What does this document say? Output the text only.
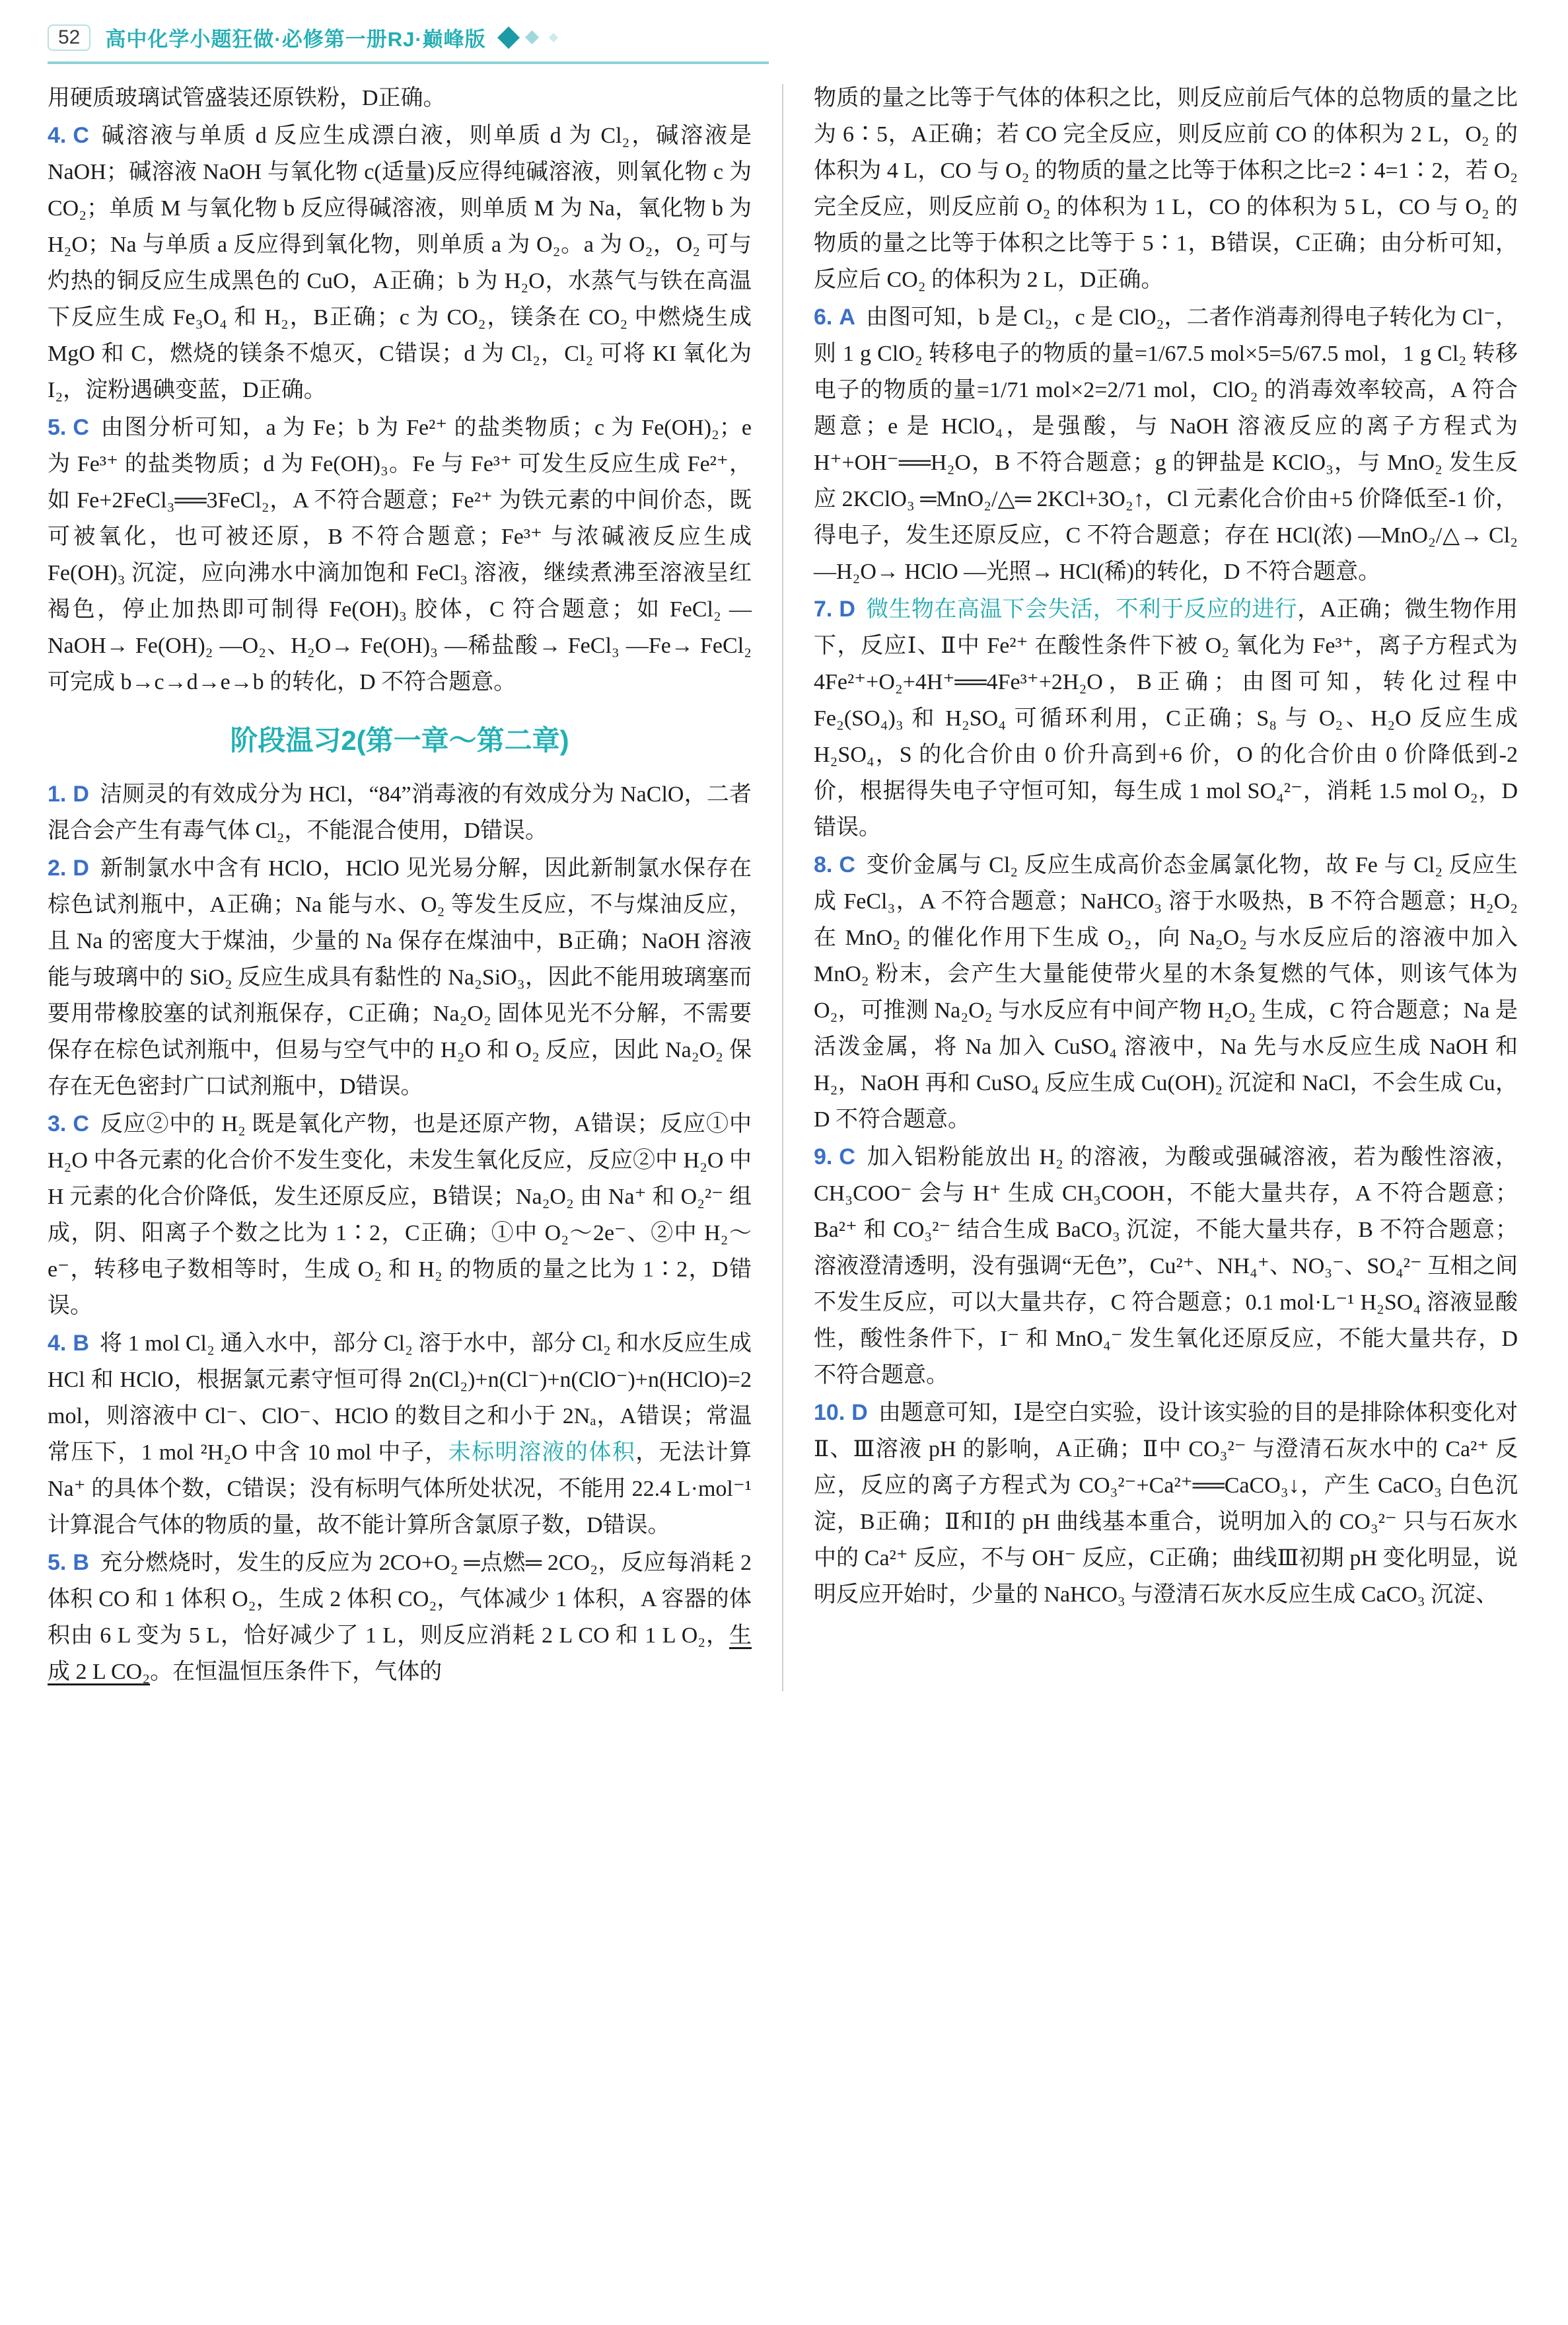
52	高中化学小题狂做·必修第一册RJ·巅峰版

用硬质玻璃试管盛装还原铁粉，D正确。

4. C 碱溶液与单质 d 反应生成漂白液，则单质 d 为 Cl₂，碱溶液是 NaOH；碱溶液 NaOH 与氧化物 c(适量)反应得纯碱溶液，则氧化物 c 为 CO₂；单质 M 与氧化物 b 反应得碱溶液，则单质 M 为 Na，氧化物 b 为 H₂O；Na 与单质 a 反应得到氧化物，则单质 a 为 O₂。a 为 O₂，O₂ 可与灼热的铜反应生成黑色的 CuO，A正确；b 为 H₂O，水蒸气与铁在高温下反应生成 Fe₃O₄ 和 H₂，B正确；c 为 CO₂，镁条在 CO₂ 中燃烧生成 MgO 和 C，燃烧的镁条不熄灭，C错误；d 为 Cl₂，Cl₂ 可将 KI 氧化为 I₂，淀粉遇碘变蓝，D正确。

5. C 由图分析可知，a 为 Fe；b 为 Fe²⁺ 的盐类物质；c 为 Fe(OH)₂；e 为 Fe³⁺ 的盐类物质；d 为 Fe(OH)₃。Fe 与 Fe³⁺ 可发生反应生成 Fe²⁺，如 Fe+2FeCl₃══3FeCl₂，A 不符合题意；Fe²⁺ 为铁元素的中间价态，既可被氧化，也可被还原，B 不符合题意；Fe³⁺ 与浓碱液反应生成 Fe(OH)₃ 沉淀，应向沸水中滴加饱和 FeCl₃ 溶液，继续煮沸至溶液呈红褐色，停止加热即可制得 Fe(OH)₃ 胶体，C 符合题意；如 FeCl₂ —NaOH→ Fe(OH)₂ —O₂、H₂O→ Fe(OH)₃ —稀盐酸→ FeCl₃ —Fe→ FeCl₂ 可完成 b→c→d→e→b 的转化，D 不符合题意。

阶段温习2(第一章～第二章)

1. D 洁厕灵的有效成分为 HCl，“84”消毒液的有效成分为 NaClO，二者混合会产生有毒气体 Cl₂，不能混合使用，D错误。

2. D 新制氯水中含有 HClO，HClO 见光易分解，因此新制氯水保存在棕色试剂瓶中，A正确；Na 能与水、O₂ 等发生反应，不与煤油反应，且 Na 的密度大于煤油，少量的 Na 保存在煤油中，B正确；NaOH 溶液能与玻璃中的 SiO₂ 反应生成具有黏性的 Na₂SiO₃，因此不能用玻璃塞而要用带橡胶塞的试剂瓶保存，C正确；Na₂O₂ 固体见光不分解，不需要保存在棕色试剂瓶中，但易与空气中的 H₂O 和 O₂ 反应，因此 Na₂O₂ 保存在无色密封广口试剂瓶中，D错误。

3. C 反应②中的 H₂ 既是氧化产物，也是还原产物，A错误；反应①中 H₂O 中各元素的化合价不发生变化，未发生氧化反应，反应②中 H₂O 中 H 元素的化合价降低，发生还原反应，B错误；Na₂O₂ 由 Na⁺ 和 O₂²⁻ 组成，阴、阳离子个数之比为 1∶2，C正确；①中 O₂～2e⁻、②中 H₂～e⁻，转移电子数相等时，生成 O₂ 和 H₂ 的物质的量之比为 1∶2，D错误。

4. B 将 1 mol Cl₂ 通入水中，部分 Cl₂ 溶于水中，部分 Cl₂ 和水反应生成 HCl 和 HClO，根据氯元素守恒可得 2n(Cl₂)+n(Cl⁻)+n(ClO⁻)+n(HClO)=2 mol，则溶液中 Cl⁻、ClO⁻、HClO 的数目之和小于 2Nₐ，A错误；常温常压下，1 mol ²H₂O 中含 10 mol 中子，未标明溶液的体积，无法计算 Na⁺ 的具体个数，C错误；没有标明气体所处状况，不能用 22.4 L·mol⁻¹ 计算混合气体的物质的量，故不能计算所含氯原子数，D错误。

5. B 充分燃烧时，发生的反应为 2CO+O₂ ═点燃═ 2CO₂，反应每消耗 2 体积 CO 和 1 体积 O₂，生成 2 体积 CO₂，气体减少 1 体积，A 容器的体积由 6 L 变为 5 L，恰好减少了 1 L，则反应消耗 2 L CO 和 1 L O₂，生成 2 L CO₂。在恒温恒压条件下，气体的

物质的量之比等于气体的体积之比，则反应前后气体的总物质的量之比为 6∶5，A正确；若 CO 完全反应，则反应前 CO 的体积为 2 L，O₂ 的体积为 4 L，CO 与 O₂ 的物质的量之比等于体积之比=2∶4=1∶2，若 O₂ 完全反应，则反应前 O₂ 的体积为 1 L，CO 的体积为 5 L，CO 与 O₂ 的物质的量之比等于体积之比等于 5∶1，B错误，C正确；由分析可知，反应后 CO₂ 的体积为 2 L，D正确。

6. A 由图可知，b 是 Cl₂，c 是 ClO₂，二者作消毒剂得电子转化为 Cl⁻，则 1 g ClO₂ 转移电子的物质的量=1/67.5 mol×5=5/67.5 mol，1 g Cl₂ 转移电子的物质的量=1/71 mol×2=2/71 mol，ClO₂ 的消毒效率较高，A 符合题意；e 是 HClO₄，是强酸，与 NaOH 溶液反应的离子方程式为 H⁺+OH⁻══H₂O，B 不符合题意；g 的钾盐是 KClO₃，与 MnO₂ 发生反应 2KClO₃ ═MnO₂/△═ 2KCl+3O₂↑，Cl 元素化合价由+5 价降低至-1 价，得电子，发生还原反应，C 不符合题意；存在 HCl(浓) —MnO₂/△→ Cl₂ —H₂O→ HClO —光照→ HCl(稀)的转化，D 不符合题意。

7. D 微生物在高温下会失活，不利于反应的进行，A正确；微生物作用下，反应Ⅰ、Ⅱ中 Fe²⁺ 在酸性条件下被 O₂ 氧化为 Fe³⁺，离子方程式为 4Fe²⁺+O₂+4H⁺══4Fe³⁺+2H₂O，B正确；由图可知，转化过程中 Fe₂(SO₄)₃ 和 H₂SO₄ 可循环利用，C正确；S₈ 与 O₂、H₂O 反应生成 H₂SO₄，S 的化合价由 0 价升高到+6 价，O 的化合价由 0 价降低到-2 价，根据得失电子守恒可知，每生成 1 mol SO₄²⁻，消耗 1.5 mol O₂，D错误。

8. C 变价金属与 Cl₂ 反应生成高价态金属氯化物，故 Fe 与 Cl₂ 反应生成 FeCl₃，A 不符合题意；NaHCO₃ 溶于水吸热，B 不符合题意；H₂O₂ 在 MnO₂ 的催化作用下生成 O₂，向 Na₂O₂ 与水反应后的溶液中加入 MnO₂ 粉末，会产生大量能使带火星的木条复燃的气体，则该气体为 O₂，可推测 Na₂O₂ 与水反应有中间产物 H₂O₂ 生成，C 符合题意；Na 是活泼金属，将 Na 加入 CuSO₄ 溶液中，Na 先与水反应生成 NaOH 和 H₂，NaOH 再和 CuSO₄ 反应生成 Cu(OH)₂ 沉淀和 NaCl，不会生成 Cu，D 不符合题意。

9. C 加入铝粉能放出 H₂ 的溶液，为酸或强碱溶液，若为酸性溶液，CH₃COO⁻ 会与 H⁺ 生成 CH₃COOH，不能大量共存，A 不符合题意；Ba²⁺ 和 CO₃²⁻ 结合生成 BaCO₃ 沉淀，不能大量共存，B 不符合题意；溶液澄清透明，没有强调“无色”，Cu²⁺、NH₄⁺、NO₃⁻、SO₄²⁻ 互相之间不发生反应，可以大量共存，C 符合题意；0.1 mol·L⁻¹ H₂SO₄ 溶液显酸性，酸性条件下，I⁻ 和 MnO₄⁻ 发生氧化还原反应，不能大量共存，D 不符合题意。

10. D 由题意可知，Ⅰ是空白实验，设计该实验的目的是排除体积变化对Ⅱ、Ⅲ溶液 pH 的影响，A正确；Ⅱ中 CO₃²⁻ 与澄清石灰水中的 Ca²⁺ 反应，反应的离子方程式为 CO₃²⁻+Ca²⁺══CaCO₃↓，产生 CaCO₃ 白色沉淀，B正确；Ⅱ和Ⅰ的 pH 曲线基本重合，说明加入的 CO₃²⁻ 只与石灰水中的 Ca²⁺ 反应，不与 OH⁻ 反应，C正确；曲线Ⅲ初期 pH 变化明显，说明反应开始时，少量的 NaHCO₃ 与澄清石灰水反应生成 CaCO₃ 沉淀、
